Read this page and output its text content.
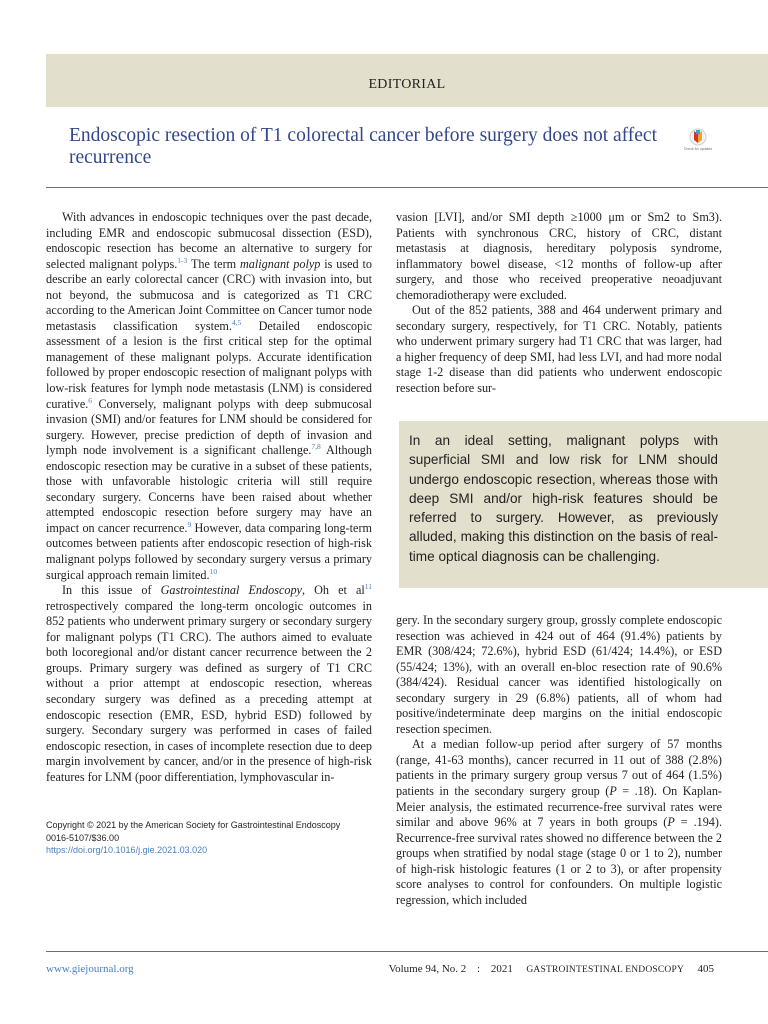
EDITORIAL
Endoscopic resection of T1 colorectal cancer before surgery does not affect recurrence	Check for updates

With advances in endoscopic techniques over the past decade, including EMR and endoscopic submucosal dissection (ESD), endoscopic resection has become an alternative to surgery for selected malignant polyps.$^{1-3}$ The term malignant polyp is used to describe an early colorectal cancer (CRC) with invasion into, but not beyond, the submucosa and is categorized as T1 CRC according to the American Joint Committee on Cancer tumor node metastasis classification system.$^{4,5}$ Detailed endoscopic assessment of a lesion is the first critical step for the optimal management of these malignant polyps. Accurate identification followed by proper endoscopic resection of malignant polyps with low-risk features for lymph node metastasis (LNM) is considered curative.$^6$ Conversely, malignant polyps with deep submucosal invasion (SMI) and/or features for LNM should be considered for surgery. However, precise prediction of depth of invasion and lymph node involvement is a significant challenge.$^{7,8}$ Although endoscopic resection may be curative in a subset of these patients, those with unfavorable histologic criteria will still require secondary surgery. Concerns have been raised about whether attempted endoscopic resection before surgery may have an impact on cancer recurrence.$^9$ However, data comparing long-term outcomes between patients after endoscopic resection of high-risk malignant polyps followed by secondary surgery versus a primary surgical approach remain limited.$^{10}$

In this issue of Gastrointestinal Endoscopy, Oh et $al^{11}$ retrospectively compared the long-term oncologic outcomes in 852 patients who underwent primary surgery or secondary surgery for malignant polyps (T1 CRC). The authors aimed to evaluate both locoregional and/or distant cancer recurrence between the 2 groups. Primary surgery was defined as surgery of T1 CRC without a prior attempt at endoscopic resection, whereas secondary surgery was defined as a preceding attempt at endoscopic resection (EMR, ESD, hybrid ESD) followed by surgery. Secondary surgery was performed in cases of failed endoscopic resection, in cases of incomplete resection due to deep margin involvement by cancer, and/or in the presence of high-risk features for LNM (poor differentiation, lymphovascular in-

vasion [LVI], and/or SMI depth ≥1000 μm or Sm2 to Sm3). Patients with synchronous CRC, history of CRC, distant metastasis at diagnosis, hereditary polyposis syndrome, inflammatory bowel disease, <12 months of follow-up after surgery, and those who received preoperative neoadjuvant chemoradiotherapy were excluded.

Out of the 852 patients, 388 and 464 underwent primary and secondary surgery, respectively, for T1 CRC. Notably, patients who underwent primary surgery had T1 CRC that was larger, had a higher frequency of deep SMI, had less LVI, and had more nodal stage 1-2 disease than did patients who underwent endoscopic resection before sur-

In an ideal setting, malignant polyps with superficial SMI and low risk for LNM should undergo endoscopic resection, whereas those with deep SMI and/or high-risk features should be referred to surgery. However, as previously alluded, making this distinction on the basis of real-time optical diagnosis can be challenging.

gery. In the secondary surgery group, grossly complete endoscopic resection was achieved in 424 out of 464 (91.4%) patients by EMR (308/424; 72.6%), hybrid ESD (61/424; 14.4%), or ESD (55/424; 13%), with an overall en-bloc resection rate of 90.6% (384/424). Residual cancer was identified histologically on secondary surgery in 29 (6.8%) patients, all of whom had positive/indeterminate deep margins on the initial endoscopic resection specimen.

At a median follow-up period after surgery of 57 months (range, 41-63 months), cancer recurred in 11 out of 388 (2.8%) patients in the primary surgery group versus 7 out of 464 (1.5%) patients in the secondary surgery group (P = .18). On Kaplan-Meier analysis, the estimated recurrence-free survival rates were similar and above 96% at 7 years in both groups (P = .194). Recurrence-free survival rates showed no difference between the 2 groups when stratified by nodal stage (stage 0 or 1 to 2), number of high-risk histologic features (1 or 2 to 3), or after propensity score analyses to control for confounders. On multiple logistic regression, which included

Copyright © 2021 by the American Society for Gastrointestinal Endoscopy
0016-5107/$36.00
https://doi.org/10.1016/j.gie.2021.03.020
www.giejournal.org	Volume 94, No. 2 : 2021 GASTROINTESTINAL ENDOSCOPY 405
